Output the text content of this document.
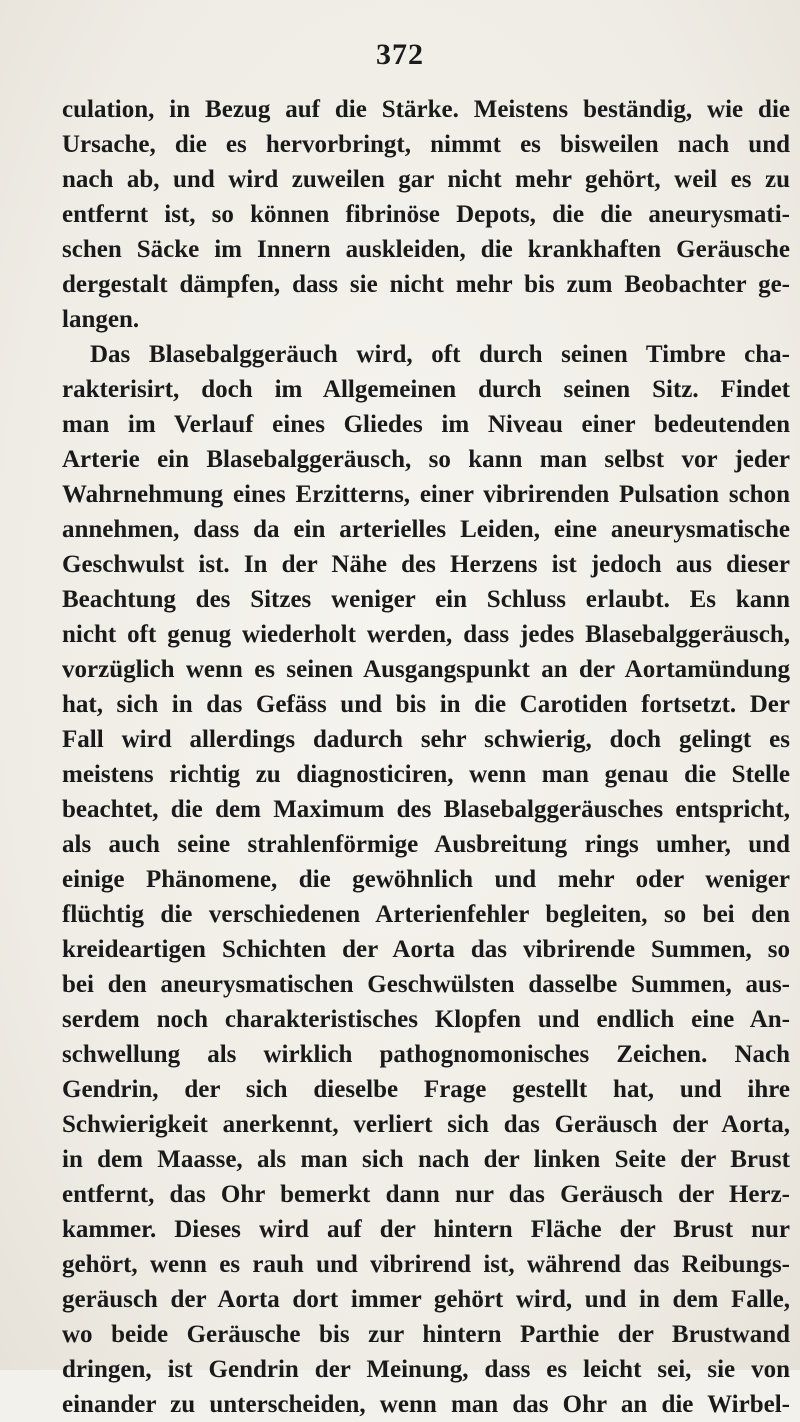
372
culation, in Bezug auf die Stärke. Meistens beständig, wie die
Ursache, die es hervorbringt, nimmt es bisweilen nach und
nach ab, und wird zuweilen gar nicht mehr gehört, weil es zu
entfernt ist, so können fibrinöse Depots, die die aneurysmati-
schen Säcke im Innern auskleiden, die krankhaften Geräusche
dergestalt dämpfen, dass sie nicht mehr bis zum Beobachter ge-
langen.
Das Blasebalggeräuch wird, oft durch seinen Timbre cha-
rakterisirt, doch im Allgemeinen durch seinen Sitz. Findet
man im Verlauf eines Gliedes im Niveau einer bedeutenden
Arterie ein Blasebalggeräusch, so kann man selbst vor jeder
Wahrnehmung eines Erzitterns, einer vibrirenden Pulsation schon
annehmen, dass da ein arterielles Leiden, eine aneurysmatische
Geschwulst ist. In der Nähe des Herzens ist jedoch aus dieser
Beachtung des Sitzes weniger ein Schluss erlaubt. Es kann
nicht oft genug wiederholt werden, dass jedes Blasebalggeräusch,
vorzüglich wenn es seinen Ausgangspunkt an der Aortamündung
hat, sich in das Gefäss und bis in die Carotiden fortsetzt. Der
Fall wird allerdings dadurch sehr schwierig, doch gelingt es
meistens richtig zu diagnosticiren, wenn man genau die Stelle
beachtet, die dem Maximum des Blasebalggeräusches entspricht,
als auch seine strahlenförmige Ausbreitung rings umher, und
einige Phänomene, die gewöhnlich und mehr oder weniger
flüchtig die verschiedenen Arterienfehler begleiten, so bei den
kreideartigen Schichten der Aorta das vibrirende Summen, so
bei den aneurysmatischen Geschwülsten dasselbe Summen, aus-
serdem noch charakteristisches Klopfen und endlich eine An-
schwellung als wirklich pathognomonisches Zeichen. Nach
Gendrin, der sich dieselbe Frage gestellt hat, und ihre
Schwierigkeit anerkennt, verliert sich das Geräusch der Aorta,
in dem Maasse, als man sich nach der linken Seite der Brust
entfernt, das Ohr bemerkt dann nur das Geräusch der Herz-
kammer. Dieses wird auf der hintern Fläche der Brust nur
gehört, wenn es rauh und vibrirend ist, während das Reibungs-
geräusch der Aorta dort immer gehört wird, und in dem Falle,
wo beide Geräusche bis zur hintern Parthie der Brustwand
dringen, ist Gendrin der Meinung, dass es leicht sei, sie von
einander zu unterscheiden, wenn man das Ohr an die Wirbel-
